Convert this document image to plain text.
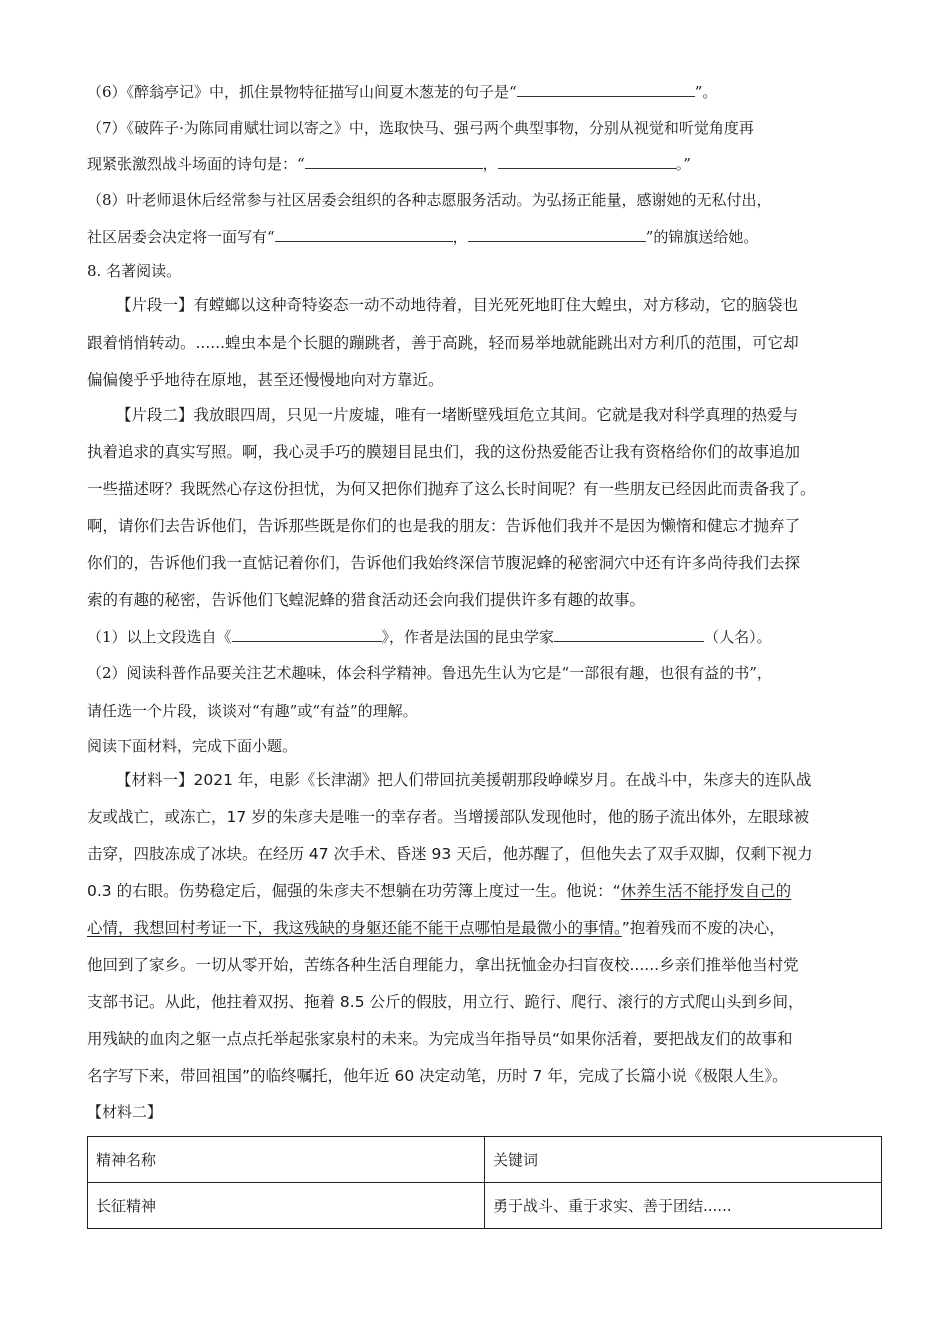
（6）《醉翁亭记》中，抓住景物特征描写山间夏木葱茏的句子是“	”。
（7）《破阵子·为陈同甫赋壮词以寄之》中，选取快马、强弓两个典型事物，分别从视觉和听觉角度再
现紧张激烈战斗场面的诗句是：“	，	。”
（8）叶老师退休后经常参与社区居委会组织的各种志愿服务活动。为弘扬正能量，感谢她的无私付出，
社区居委会决定将一面写有“	，	”的锦旗送给她。
8. 名著阅读。
【片段一】有螳螂以这种奇特姿态一动不动地待着，目光死死地盯住大蝗虫，对方移动，它的脑袋也
跟着悄悄转动。......蝗虫本是个长腿的蹦跳者，善于高跳，轻而易举地就能跳出对方利爪的范围，可它却
偏偏傻乎乎地待在原地，甚至还慢慢地向对方靠近。
【片段二】我放眼四周，只见一片废墟，唯有一堵断壁残垣危立其间。它就是我对科学真理的热爱与
执着追求的真实写照。啊，我心灵手巧的膜翅目昆虫们，我的这份热爱能否让我有资格给你们的故事追加
一些描述呀？我既然心存这份担忧，为何又把你们抛弃了这么长时间呢？有一些朋友已经因此而责备我了。
啊，请你们去告诉他们，告诉那些既是你们的也是我的朋友：告诉他们我并不是因为懒惰和健忘才抛弃了
你们的，告诉他们我一直惦记着你们，告诉他们我始终深信节腹泥蜂的秘密洞穴中还有许多尚待我们去探
索的有趣的秘密，告诉他们飞蝗泥蜂的猎食活动还会向我们提供许多有趣的故事。
（1）以上文段选自《	》，作者是法国的昆虫学家	（人名）。
（2）阅读科普作品要关注艺术趣味，体会科学精神。鲁迅先生认为它是“一部很有趣，也很有益的书”，
请任选一个片段，谈谈对“有趣”或“有益”的理解。
阅读下面材料，完成下面小题。
【材料一】2021 年，电影《长津湖》把人们带回抗美援朝那段峥嵘岁月。在战斗中，朱彦夫的连队战
友或战亡，或冻亡，17 岁的朱彦夫是唯一的幸存者。当增援部队发现他时，他的肠子流出体外，左眼球被
击穿，四肢冻成了冰块。在经历 47 次手术、昏迷 93 天后，他苏醒了，但他失去了双手双脚，仅剩下视力
0.3 的右眼。伤势稳定后，倔强的朱彦夫不想躺在功劳簿上度过一生。他说：“休养生活不能抒发自己的
心情，我想回村考证一下，我这残缺的身躯还能不能干点哪怕是最微小的事情。”抱着残而不废的决心，
他回到了家乡。一切从零开始，苦练各种生活自理能力，拿出抚恤金办扫盲夜校......乡亲们推举他当村党
支部书记。从此，他拄着双拐、拖着 8.5 公斤的假肢，用立行、跪行、爬行、滚行的方式爬山头到乡间，
用残缺的血肉之躯一点点托举起张家泉村的未来。为完成当年指导员“如果你活着，要把战友们的故事和
名字写下来，带回祖国”的临终嘱托，他年近 60 决定动笔，历时 7 年，完成了长篇小说《极限人生》。
【材料二】
精神名称	关键词
长征精神	勇于战斗、重于求实、善于团结......
